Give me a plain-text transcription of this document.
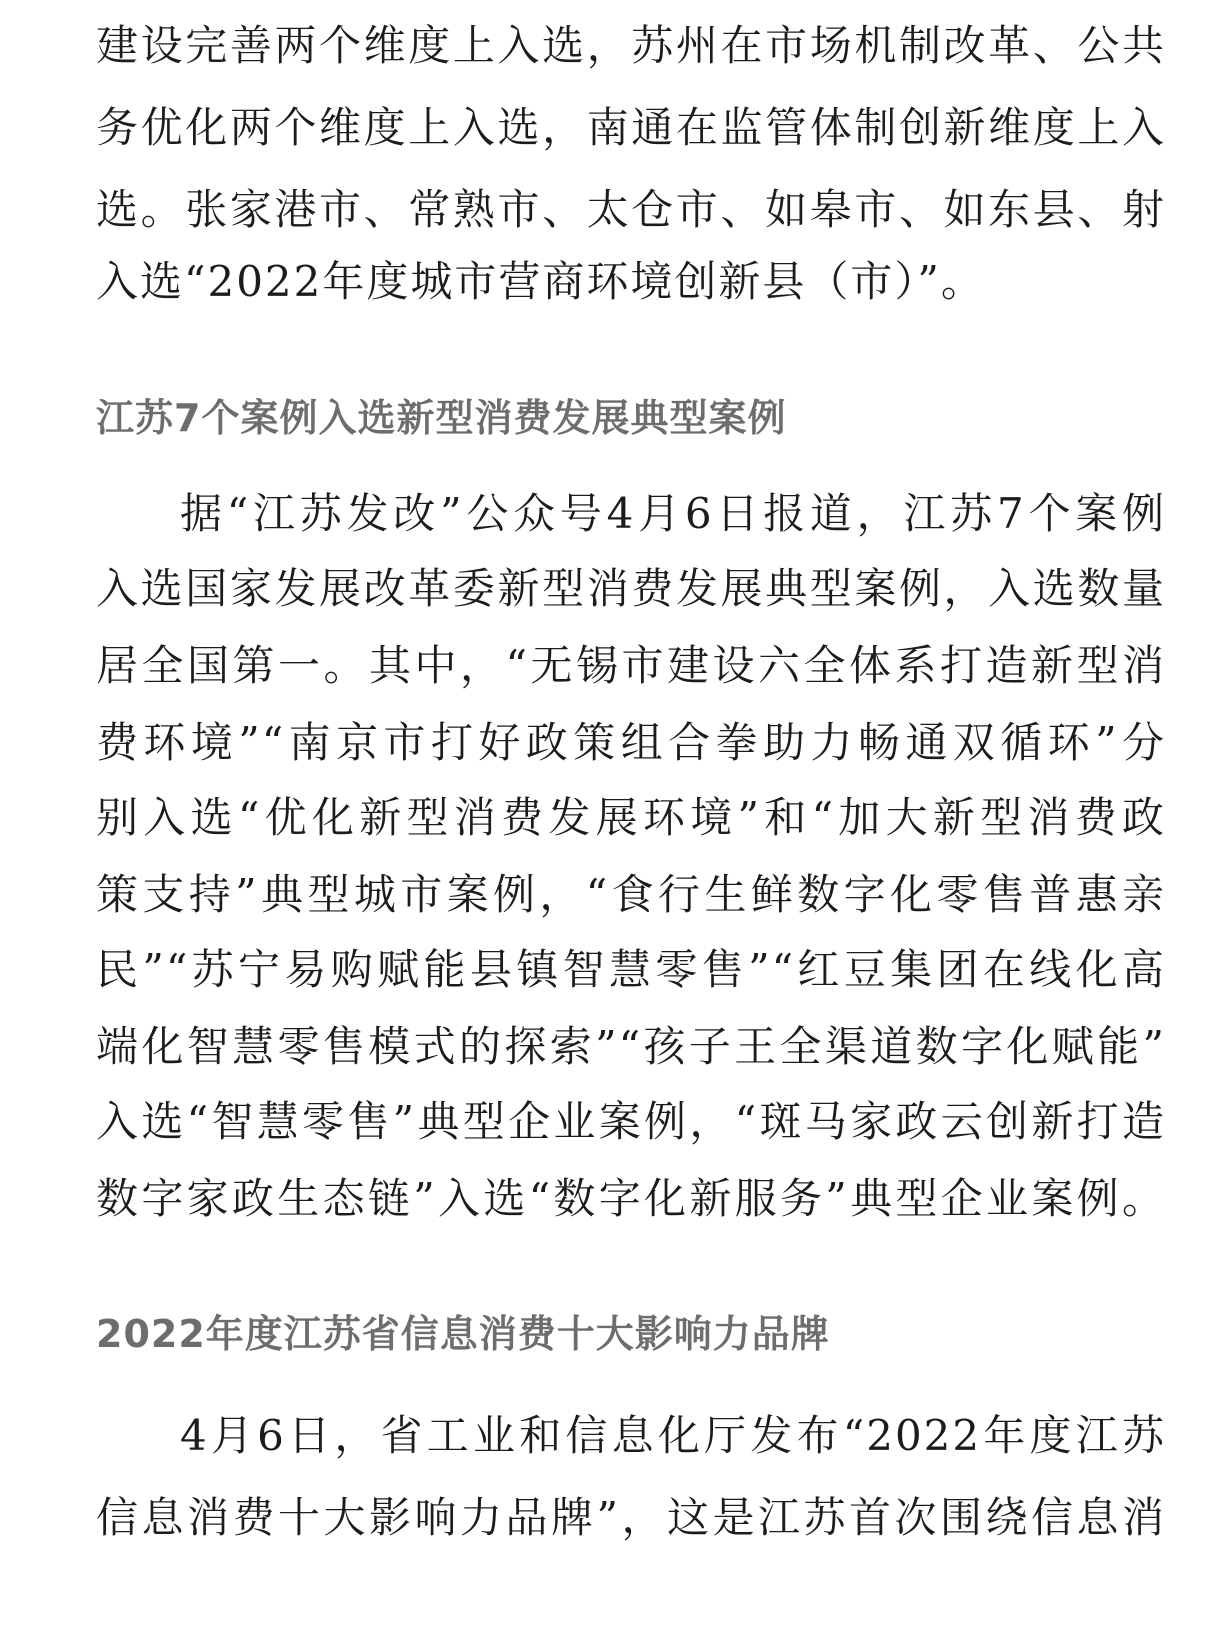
建设完善两个维度上入选，苏州在市场机制改革、公共
务优化两个维度上入选，南通在监管体制创新维度上入
选。张家港市、常熟市、太仓市、如皋市、如东县、射
入选“2022年度城市营商环境创新县（市）”。
江苏7个案例入选新型消费发展典型案例
据“江苏发改”公众号4月6日报道，江苏7个案例
入选国家发展改革委新型消费发展典型案例，入选数量
居全国第一。其中，“无锡市建设六全体系打造新型消
费环境”“南京市打好政策组合拳助力畅通双循环”分
别入选“优化新型消费发展环境”和“加大新型消费政
策支持”典型城市案例，“食行生鲜数字化零售普惠亲
民”“苏宁易购赋能县镇智慧零售”“红豆集团在线化高
端化智慧零售模式的探索”“孩子王全渠道数字化赋能”
入选“智慧零售”典型企业案例，“斑马家政云创新打造
数字家政生态链”入选“数字化新服务”典型企业案例。
2022年度江苏省信息消费十大影响力品牌
4月6日，省工业和信息化厅发布“2022年度江苏
信息消费十大影响力品牌”，这是江苏首次围绕信息消
